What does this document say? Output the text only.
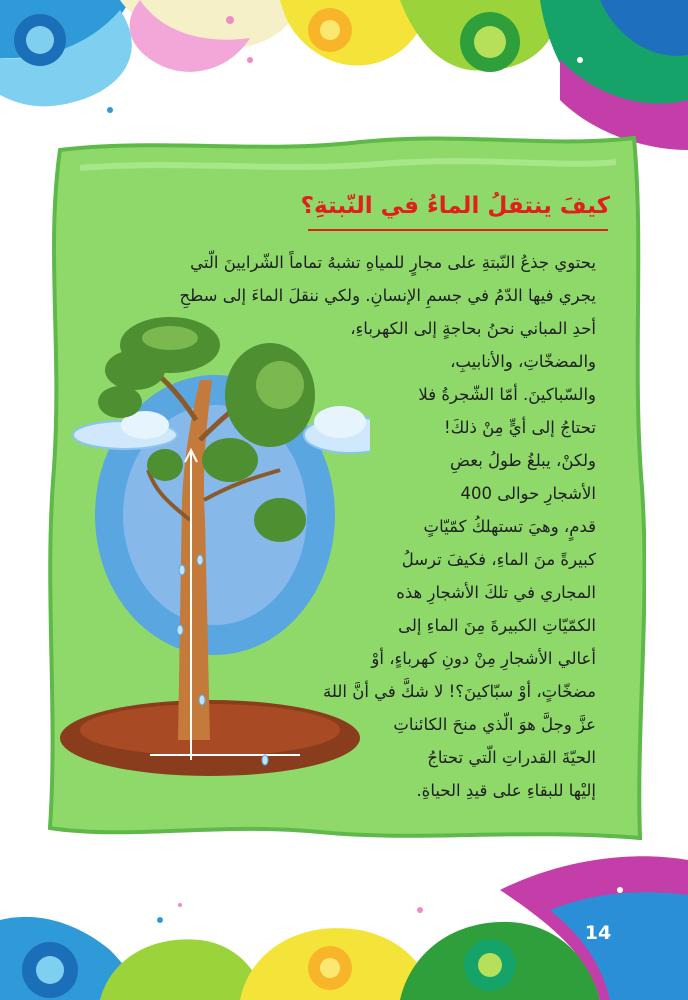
كيفَ ينتقلُ الماءُ في النّبتةِ؟
يحتوي جذعُ النّبتةِ على مجارٍ للمياهِ تشبهُ تماماً الشّرايينَ الّتي
يجري فيها الدّمُ في جسمِ الإنسانِ. ولكي ننقلَ الماءَ إلى سطحِ
أحدِ المباني نحنُ بحاجةٍ إلى الكهرباءِ،
والمضخّاتِ، والأنابيبِ،
والسّباكينَ. أمّا الشّجرةُ فلا
تحتاجُ إلى أيٍّ مِنْ ذلكَ!
ولكنْ، يبلغُ طولُ بعضِ
الأشجارِ حوالى 400
قدمٍ، وهيَ تستهلكُ كمّيّاتٍ
كبيرةً منَ الماءِ، فكيفَ ترسلُ
المجاري في تلكَ الأشجارِ هذه
الكمّيّاتِ الكبيرةَ مِنَ الماءِ إلى
أعالي الأشجارِ مِنْ دونِ كهرباءٍ، أوْ
مضخّاتٍ، أوْ سبّاكينَ؟! لا شكَّ في أنَّ اللهَ
عزَّ وجلَّ هوَ الّذي منحَ الكائناتِ
الحيّةَ القدراتِ الّتي تحتاجُ
إليْها للبقاءِ على قيدِ الحياةِ.
14
